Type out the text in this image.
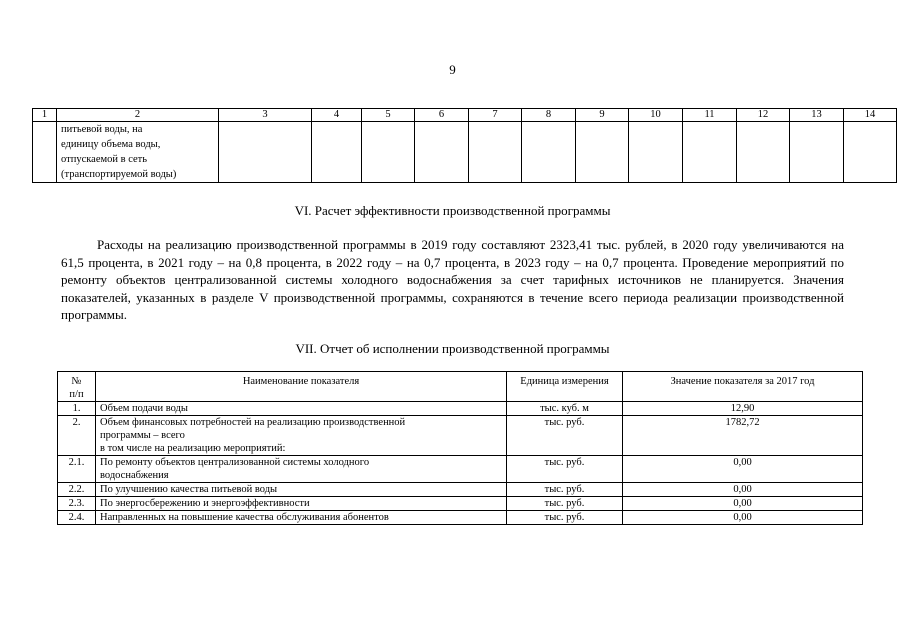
9
1	2	3	4	5	6	7	8	9	10	11	12	13	14

	питьевой воды, на
единицу объема воды,
отпускаемой в сеть
(транспортируемой воды)												

VI. Расчет эффективности производственной программы

Расходы на реализацию производственной программы в 2019 году составляют 2323,41 тыс. рублей, в 2020 году увеличиваются на 61,5 процента, в 2021 году – на 0,8 процента, в 2022 году – на 0,7 процента, в 2023 году – на 0,7 процента. Проведение мероприятий по ремонту объектов централизованной системы холодного водоснабжения за счет тарифных источников не планируется. Значения показателей, указанных в разделе V производственной программы, сохраняются в течение всего периода реализации производственной программы.

VII. Отчет об исполнении производственной программы
№
п/п	Наименование показателя	Единица измерения	Значение показателя за 2017 год
1.	Объем подачи воды	тыс. куб. м	12,90
2.	Объем финансовых потребностей на реализацию производственной
программы – всего
в том числе на реализацию мероприятий:	тыс. руб.	1782,72
2.1.	По ремонту объектов централизованной системы холодного
водоснабжения	тыс. руб.	0,00
2.2.	По улучшению качества питьевой воды	тыс. руб.	0,00
2.3.	По энергосбережению и энергоэффективности	тыс. руб.	0,00
2.4.	Направленных на повышение качества обслуживания абонентов	тыс. руб.	0,00
